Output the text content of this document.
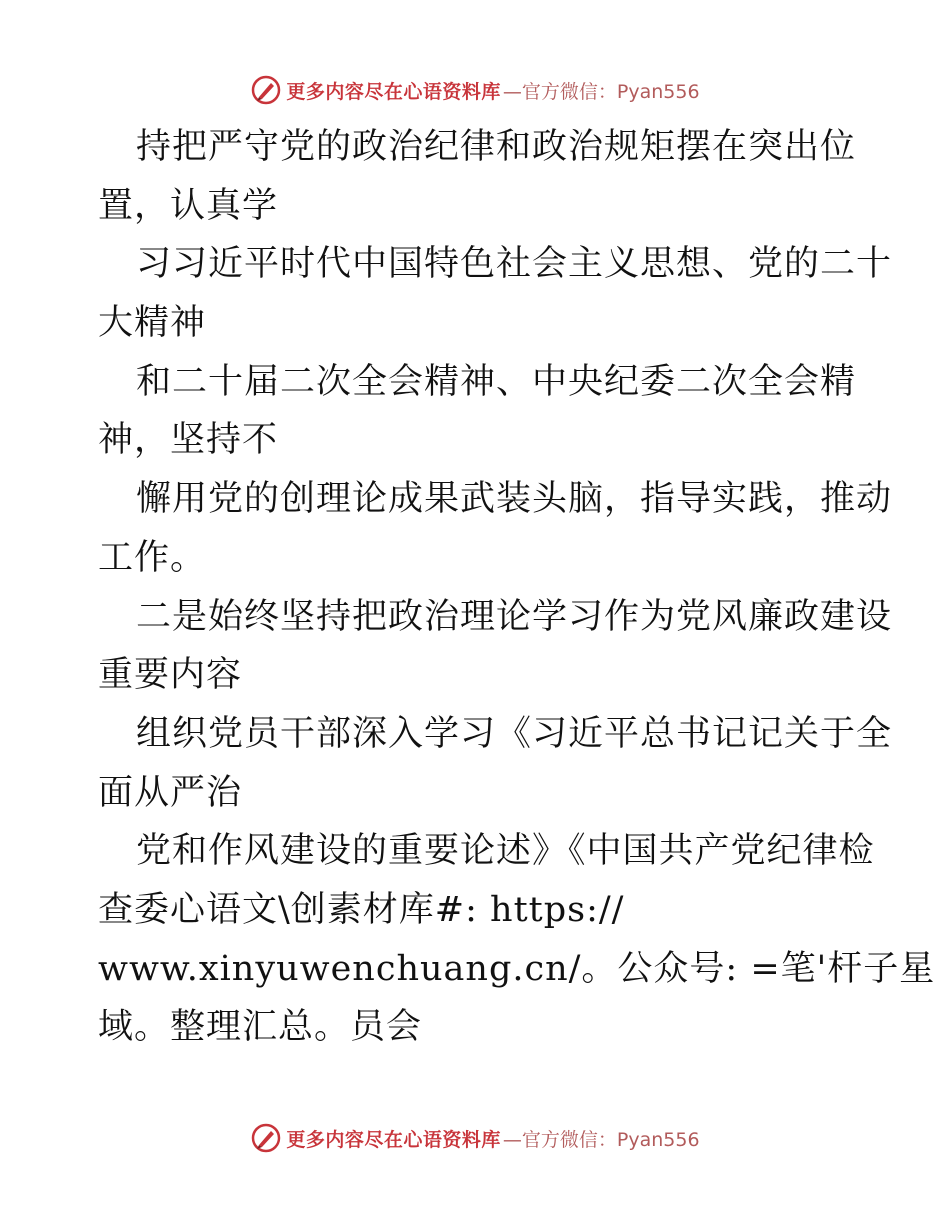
更多内容尽在心语资料库 —官方微信：Pyan556
持把严守党的政治纪律和政治规矩摆在突出位
置，认真学
习习近平时代中国特色社会主义思想、党的二十
大精神
和二十届二次全会精神、中央纪委二次全会精
神，坚持不
懈用党的创理论成果武装头脑，指导实践，推动
工作。
二是始终坚持把政治理论学习作为党风廉政建设
重要内容
组织党员干部深入学习《习近平总书记记关于全
面从严治
党和作风建设的重要论述》《中国共产党纪律检
查委心语文\创素材库#: https://
www.xinyuwenchuang.cn/。公众号: =笔'杆子星
域。整理汇总。员会
更多内容尽在心语资料库 —官方微信：Pyan556
